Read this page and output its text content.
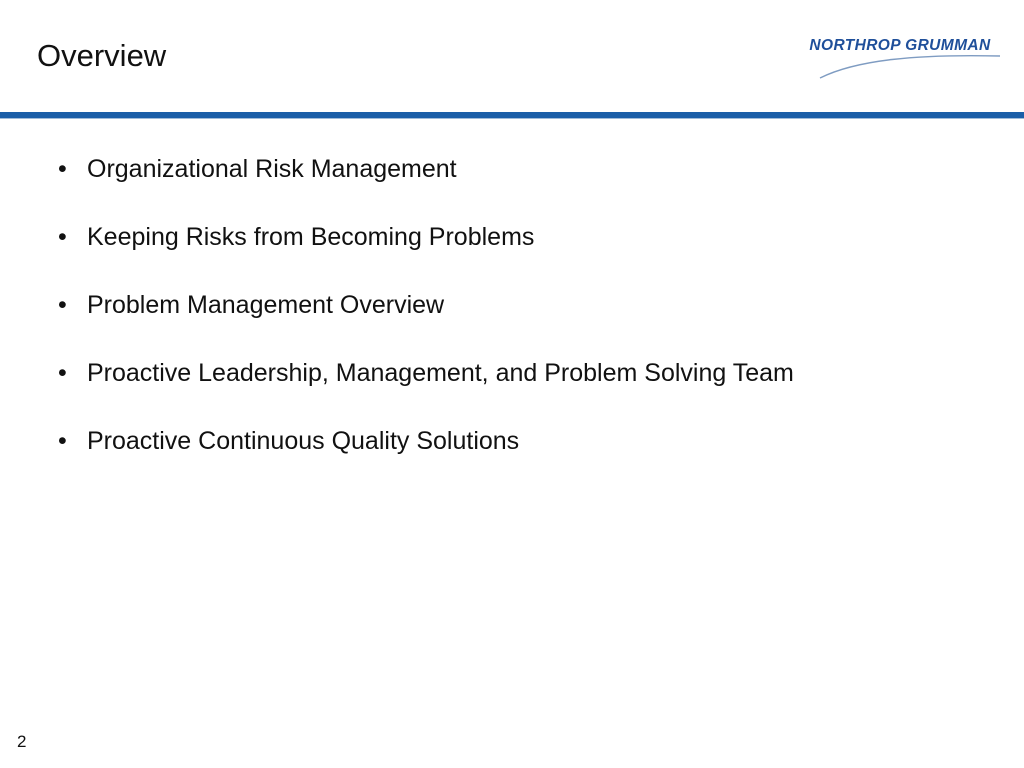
Overview	NORTHROP GRUMMAN
• Organizational Risk Management
• Keeping Risks from Becoming Problems
• Problem Management Overview
• Proactive Leadership, Management, and Problem Solving Team
• Proactive Continuous Quality Solutions
2
